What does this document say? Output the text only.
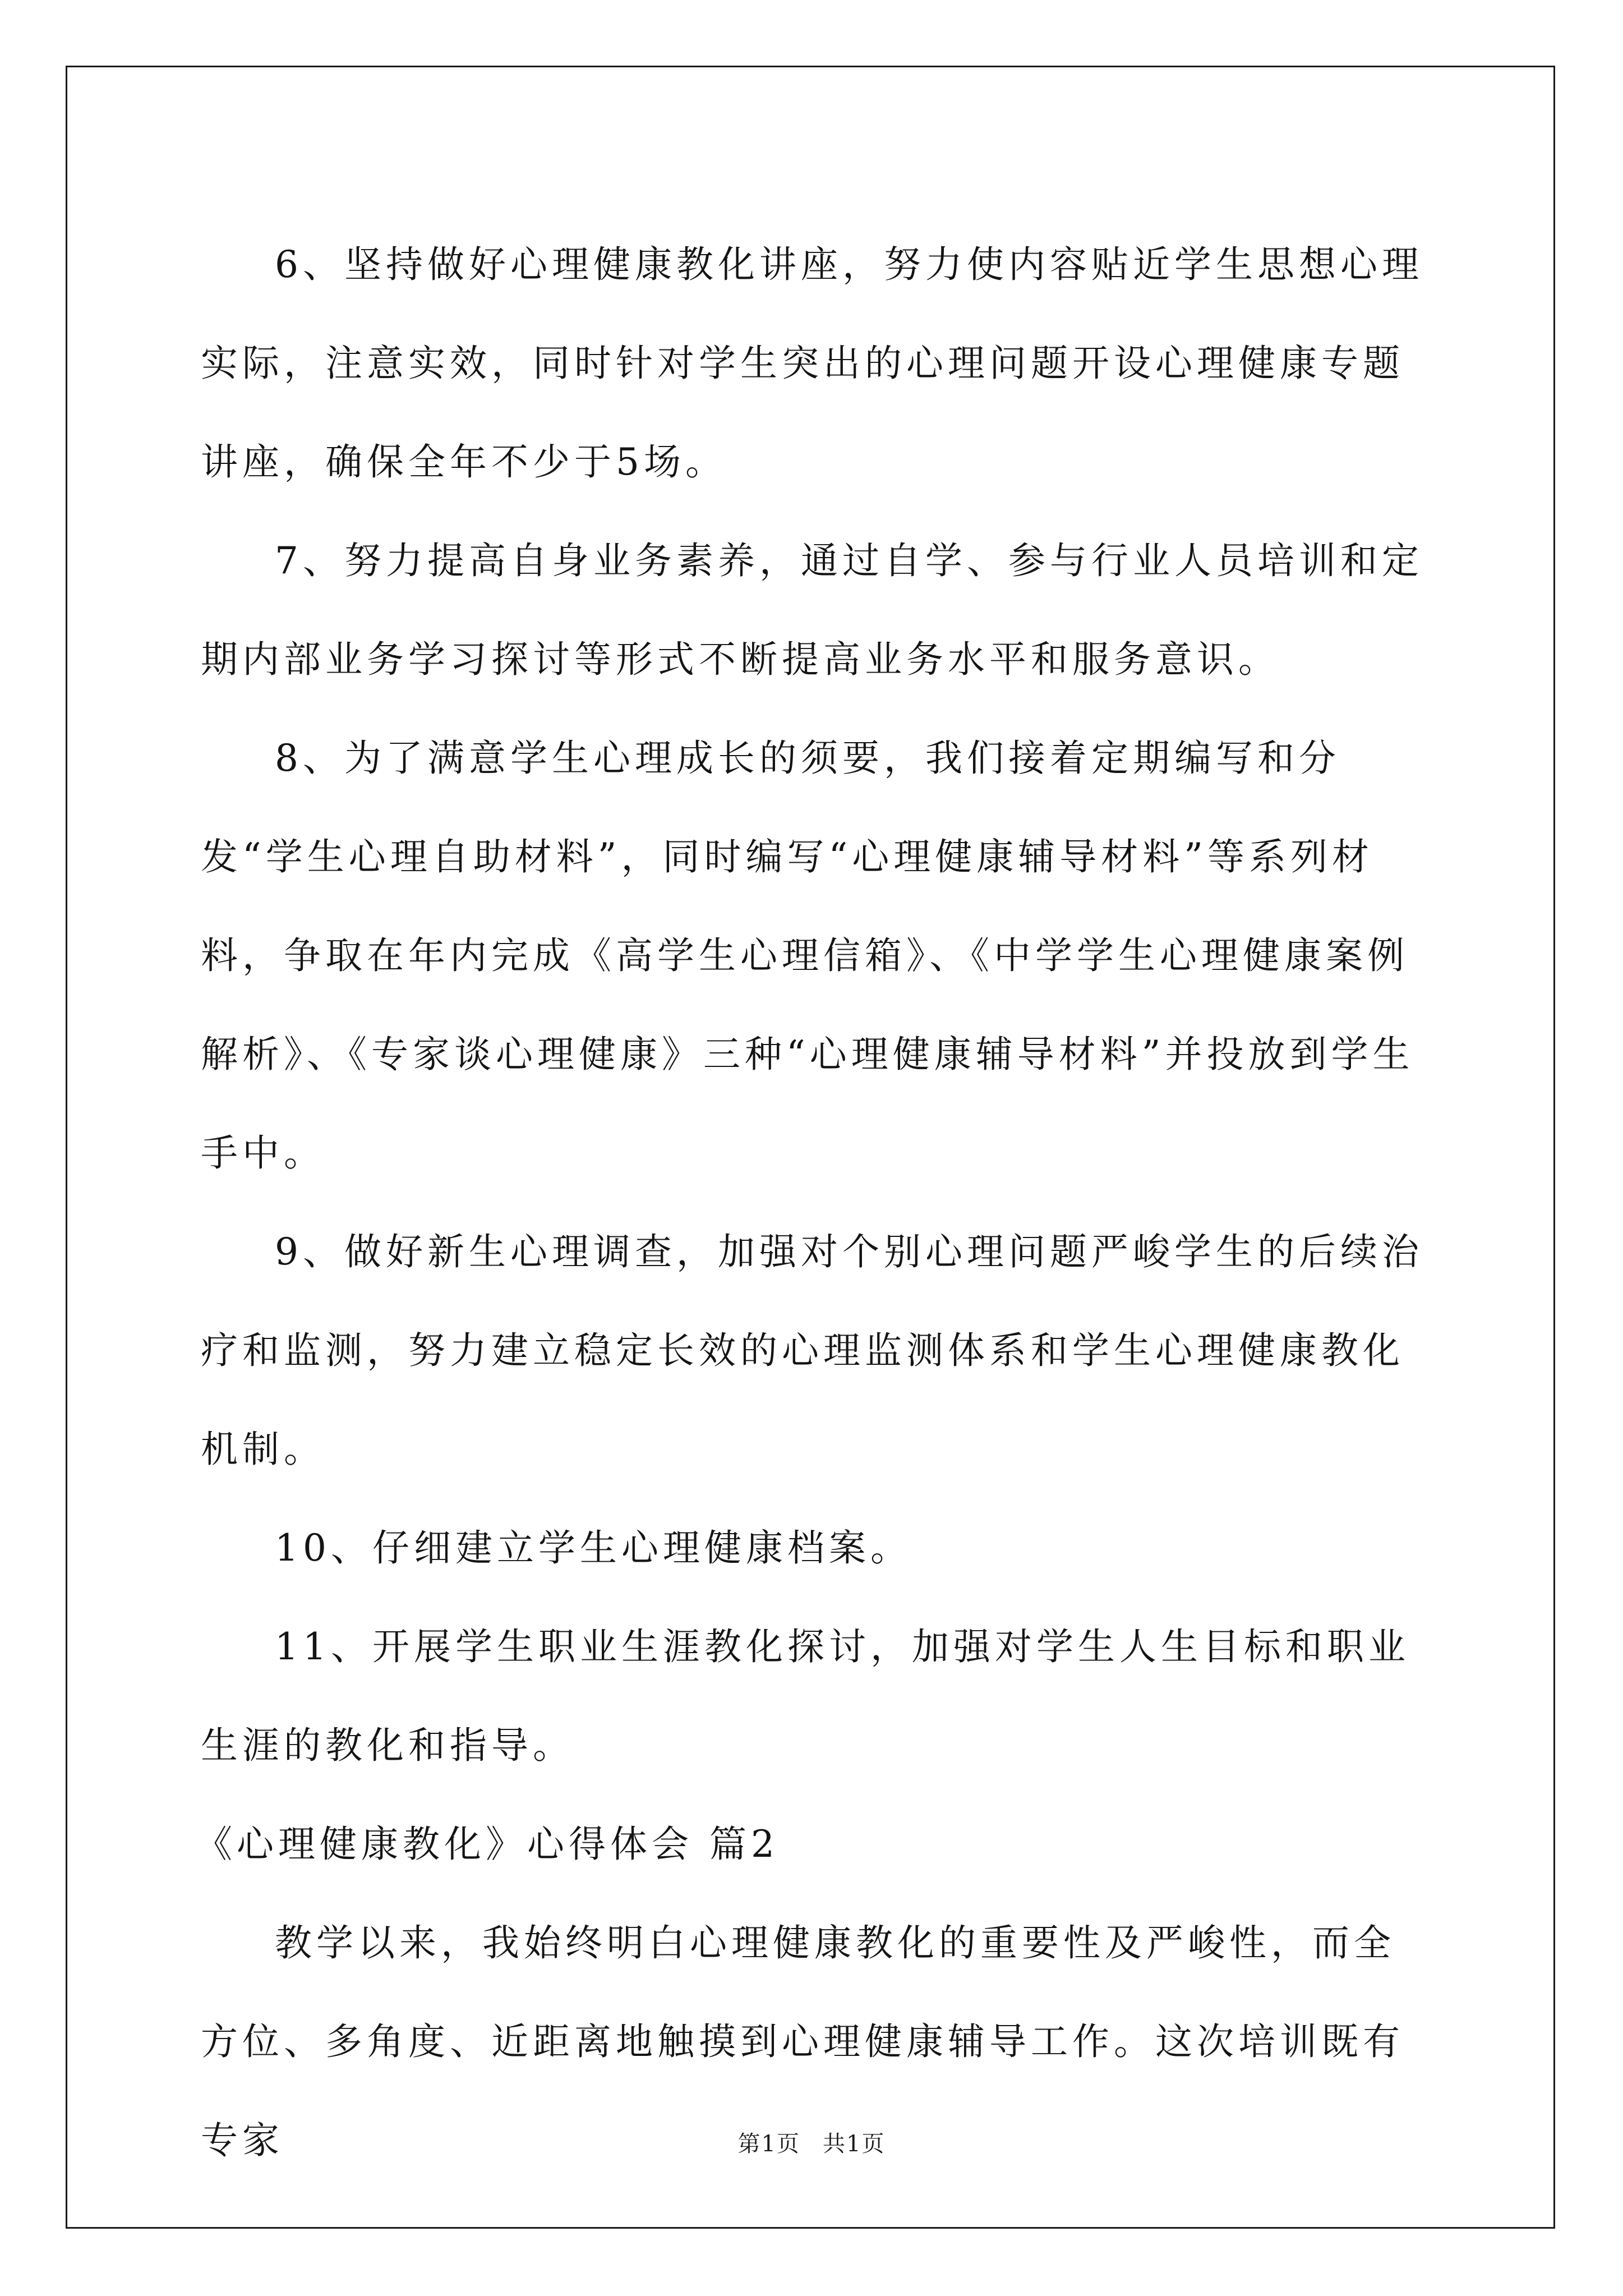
6、坚持做好心理健康教化讲座，努力使内容贴近学生思想心理实际，注意实效，同时针对学生突出的心理问题开设心理健康专题讲座，确保全年不少于5场。

7、努力提高自身业务素养，通过自学、参与行业人员培训和定期内部业务学习探讨等形式不断提高业务水平和服务意识。

8、为了满意学生心理成长的须要，我们接着定期编写和分发“学生心理自助材料”，同时编写“心理健康辅导材料”等系列材料，争取在年内完成《高学生心理信箱》、《中学学生心理健康案例解析》、《专家谈心理健康》三种“心理健康辅导材料”并投放到学生手中。

9、做好新生心理调查，加强对个别心理问题严峻学生的后续治疗和监测，努力建立稳定长效的心理监测体系和学生心理健康教化机制。

10、仔细建立学生心理健康档案。

11、开展学生职业生涯教化探讨，加强对学生人生目标和职业生涯的教化和指导。

《心理健康教化》心得体会 篇2

教学以来，我始终明白心理健康教化的重要性及严峻性，而全方位、多角度、近距离地触摸到心理健康辅导工作。这次培训既有专家	第1页 共1页
